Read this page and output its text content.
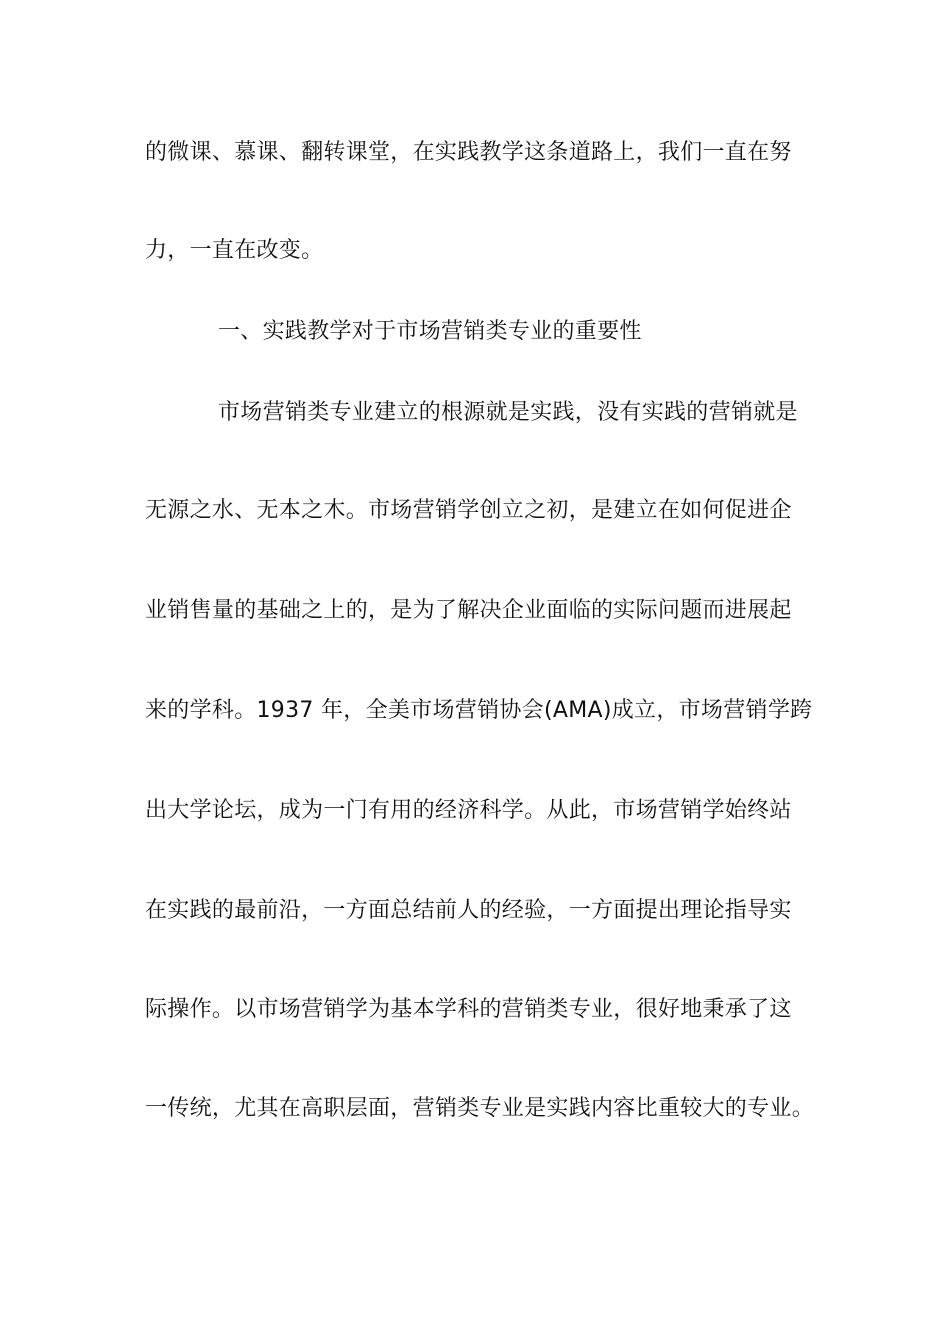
的微课、慕课、翻转课堂，在实践教学这条道路上，我们一直在努
力，一直在改变。
一、实践教学对于市场营销类专业的重要性
市场营销类专业建立的根源就是实践，没有实践的营销就是
无源之水、无本之木。市场营销学创立之初，是建立在如何促进企
业销售量的基础之上的，是为了解决企业面临的实际问题而进展起
来的学科。1937 年，全美市场营销协会(AMA)成立，市场营销学跨
出大学论坛，成为一门有用的经济科学。从此，市场营销学始终站
在实践的最前沿，一方面总结前人的经验，一方面提出理论指导实
际操作。以市场营销学为基本学科的营销类专业，很好地秉承了这
一传统，尤其在高职层面，营销类专业是实践内容比重较大的专业。
